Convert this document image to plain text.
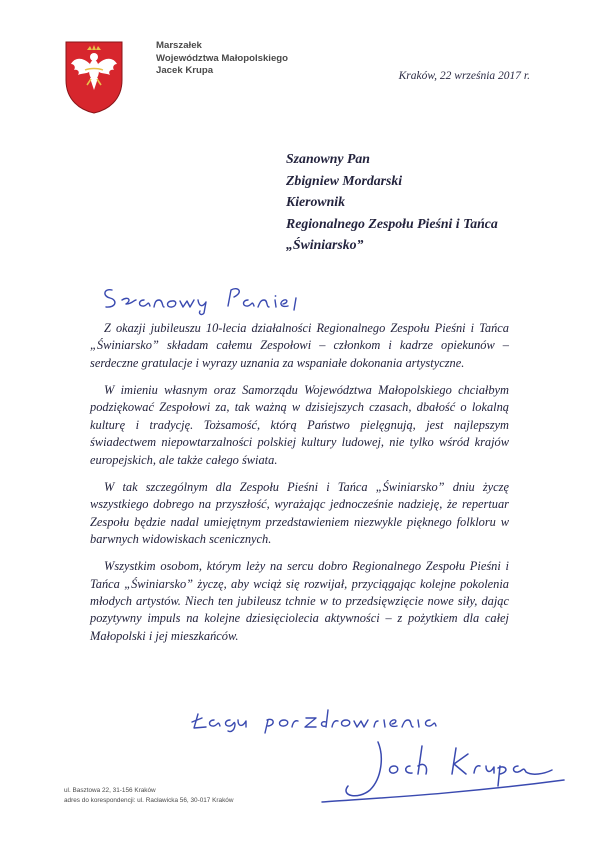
Marszałek
Województwa Małopolskiego
Jacek Krupa	Kraków, 22 września 2017 r.
Szanowny Pan
Zbigniew Mordarski
Kierownik
Regionalnego Zespołu Pieśni i Tańca
„Świniarsko”

Z okazji jubileuszu 10-lecia działalności Regionalnego Zespołu Pieśni i Tańca „Świniarsko” składam całemu Zespołowi – członkom i kadrze opiekunów – serdeczne gratulacje i wyrazy uznania za wspaniałe dokonania artystyczne.

W imieniu własnym oraz Samorządu Województwa Małopolskiego chciałbym podziękować Zespołowi za, tak ważną w dzisiejszych czasach, dbałość o lokalną kulturę i tradycję. Tożsamość, którą Państwo pielęgnują, jest najlepszym świadectwem niepowtarzalności polskiej kultury ludowej, nie tylko wśród krajów europejskich, ale także całego świata.

W tak szczególnym dla Zespołu Pieśni i Tańca „Świniarsko” dniu życzę wszystkiego dobrego na przyszłość, wyrażając jednocześnie nadzieję, że repertuar Zespołu będzie nadal umiejętnym przedstawieniem niezwykle pięknego folkloru w barwnych widowiskach scenicznych.

Wszystkim osobom, którym leży na sercu dobro Regionalnego Zespołu Pieśni i Tańca „Świniarsko” życzę, aby wciąż się rozwijał, przyciągając kolejne pokolenia młodych artystów. Niech ten jubileusz tchnie w to przedsięwzięcie nowe siły, dając pozytywny impuls na kolejne dziesięciolecia aktywności – z pożytkiem dla całej Małopolski i jej mieszkańców.

ul. Basztowa 22, 31-156 Kraków
adres do korespondencji: ul. Racławicka 56, 30-017 Kraków
